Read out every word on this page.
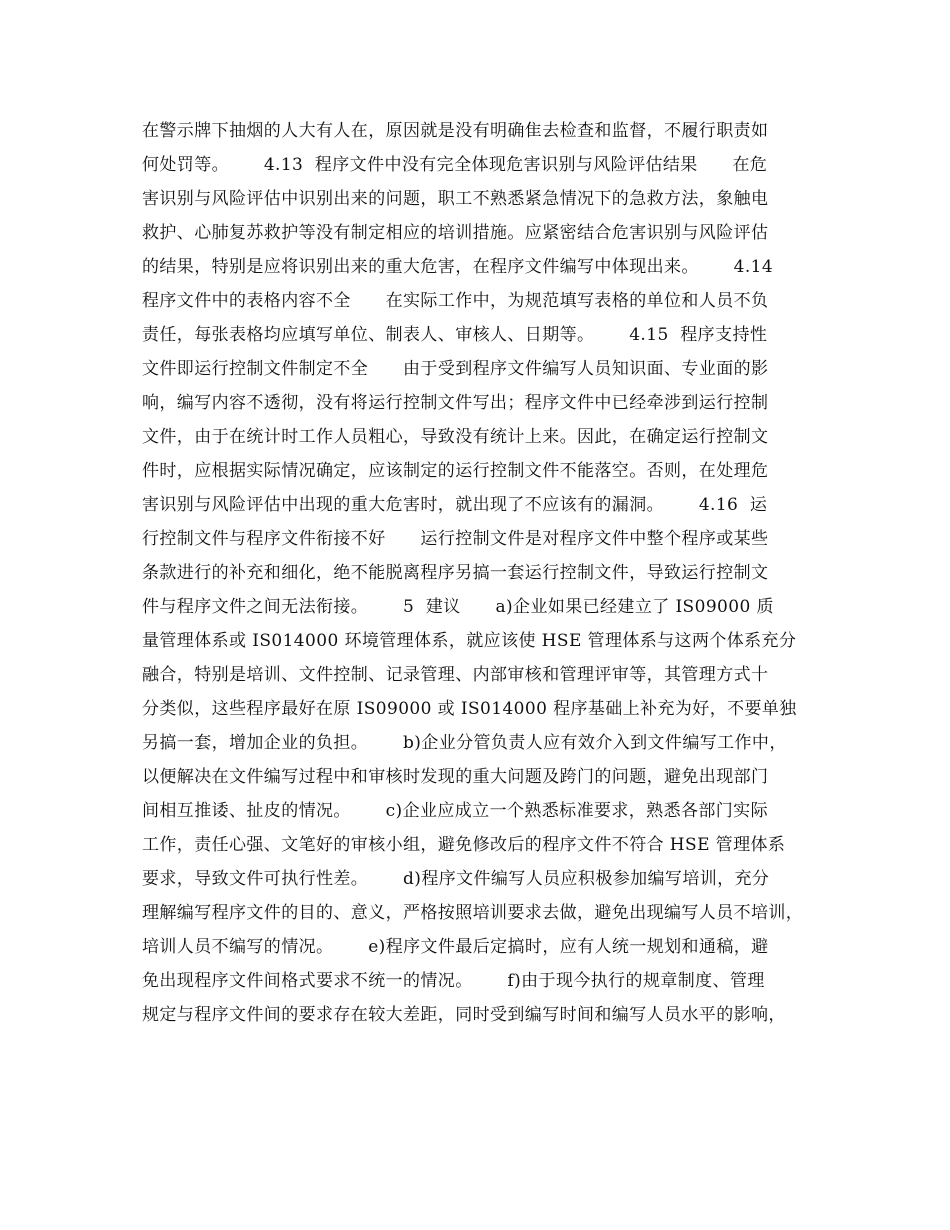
在警示牌下抽烟的人大有人在，原因就是没有明确隹去检查和监督，不履行职责如
何处罚等。      4.13  程序文件中没有完全体现危害识别与风险评估结果      在危
害识别与风险评估中识别出来的问题，职工不熟悉紧急情况下的急救方法，象触电
救护、心肺复苏救护等没有制定相应的培训措施。应紧密结合危害识别与风险评估
的结果，特别是应将识别出来的重大危害，在程序文件编写中体现出来。      4.14
程序文件中的表格内容不全      在实际工作中，为规范填写表格的单位和人员不负
责任，每张表格均应填写单位、制表人、审核人、日期等。      4.15  程序支持性
文件即运行控制文件制定不全      由于受到程序文件编写人员知识面、专业面的影
响，编写内容不透彻，没有将运行控制文件写出；程序文件中已经牵涉到运行控制
文件，由于在统计时工作人员粗心，导致没有统计上来。因此，在确定运行控制文
件时，应根据实际情况确定，应该制定的运行控制文件不能落空。否则，在处理危
害识别与风险评估中出现的重大危害时，就出现了不应该有的漏洞。      4.16  运
行控制文件与程序文件衔接不好      运行控制文件是对程序文件中整个程序或某些
条款进行的补充和细化，绝不能脱离程序另搞一套运行控制文件，导致运行控制文
件与程序文件之间无法衔接。      5  建议      a)企业如果已经建立了 IS09000 质
量管理体系或 IS014000 环境管理体系，就应该使 HSE 管理体系与这两个体系充分
融合，特别是培训、文件控制、记录管理、内部审核和管理评审等，其管理方式十
分类似，这些程序最好在原 IS09000 或 IS014000 程序基础上补充为好，不要单独
另搞一套，增加企业的负担。      b)企业分管负责人应有效介入到文件编写工作中，
以便解决在文件编写过程中和审核时发现的重大问题及跨门的问题，避免出现部门
间相互推诿、扯皮的情况。      c)企业应成立一个熟悉标准要求，熟悉各部门实际
工作，责任心强、文笔好的审核小组，避免修改后的程序文件不符合 HSE 管理体系
要求，导致文件可执行性差。      d)程序文件编写人员应积极参加编写培训，充分
理解编写程序文件的目的、意义，严格按照培训要求去做，避免出现编写人员不培训，
培训人员不编写的情况。      e)程序文件最后定搞时，应有人统一规划和通稿，避
免出现程序文件间格式要求不统一的情况。      f)由于现今执行的规章制度、管理
规定与程序文件间的要求存在较大差距，同时受到编写时间和编写人员水平的影响，
